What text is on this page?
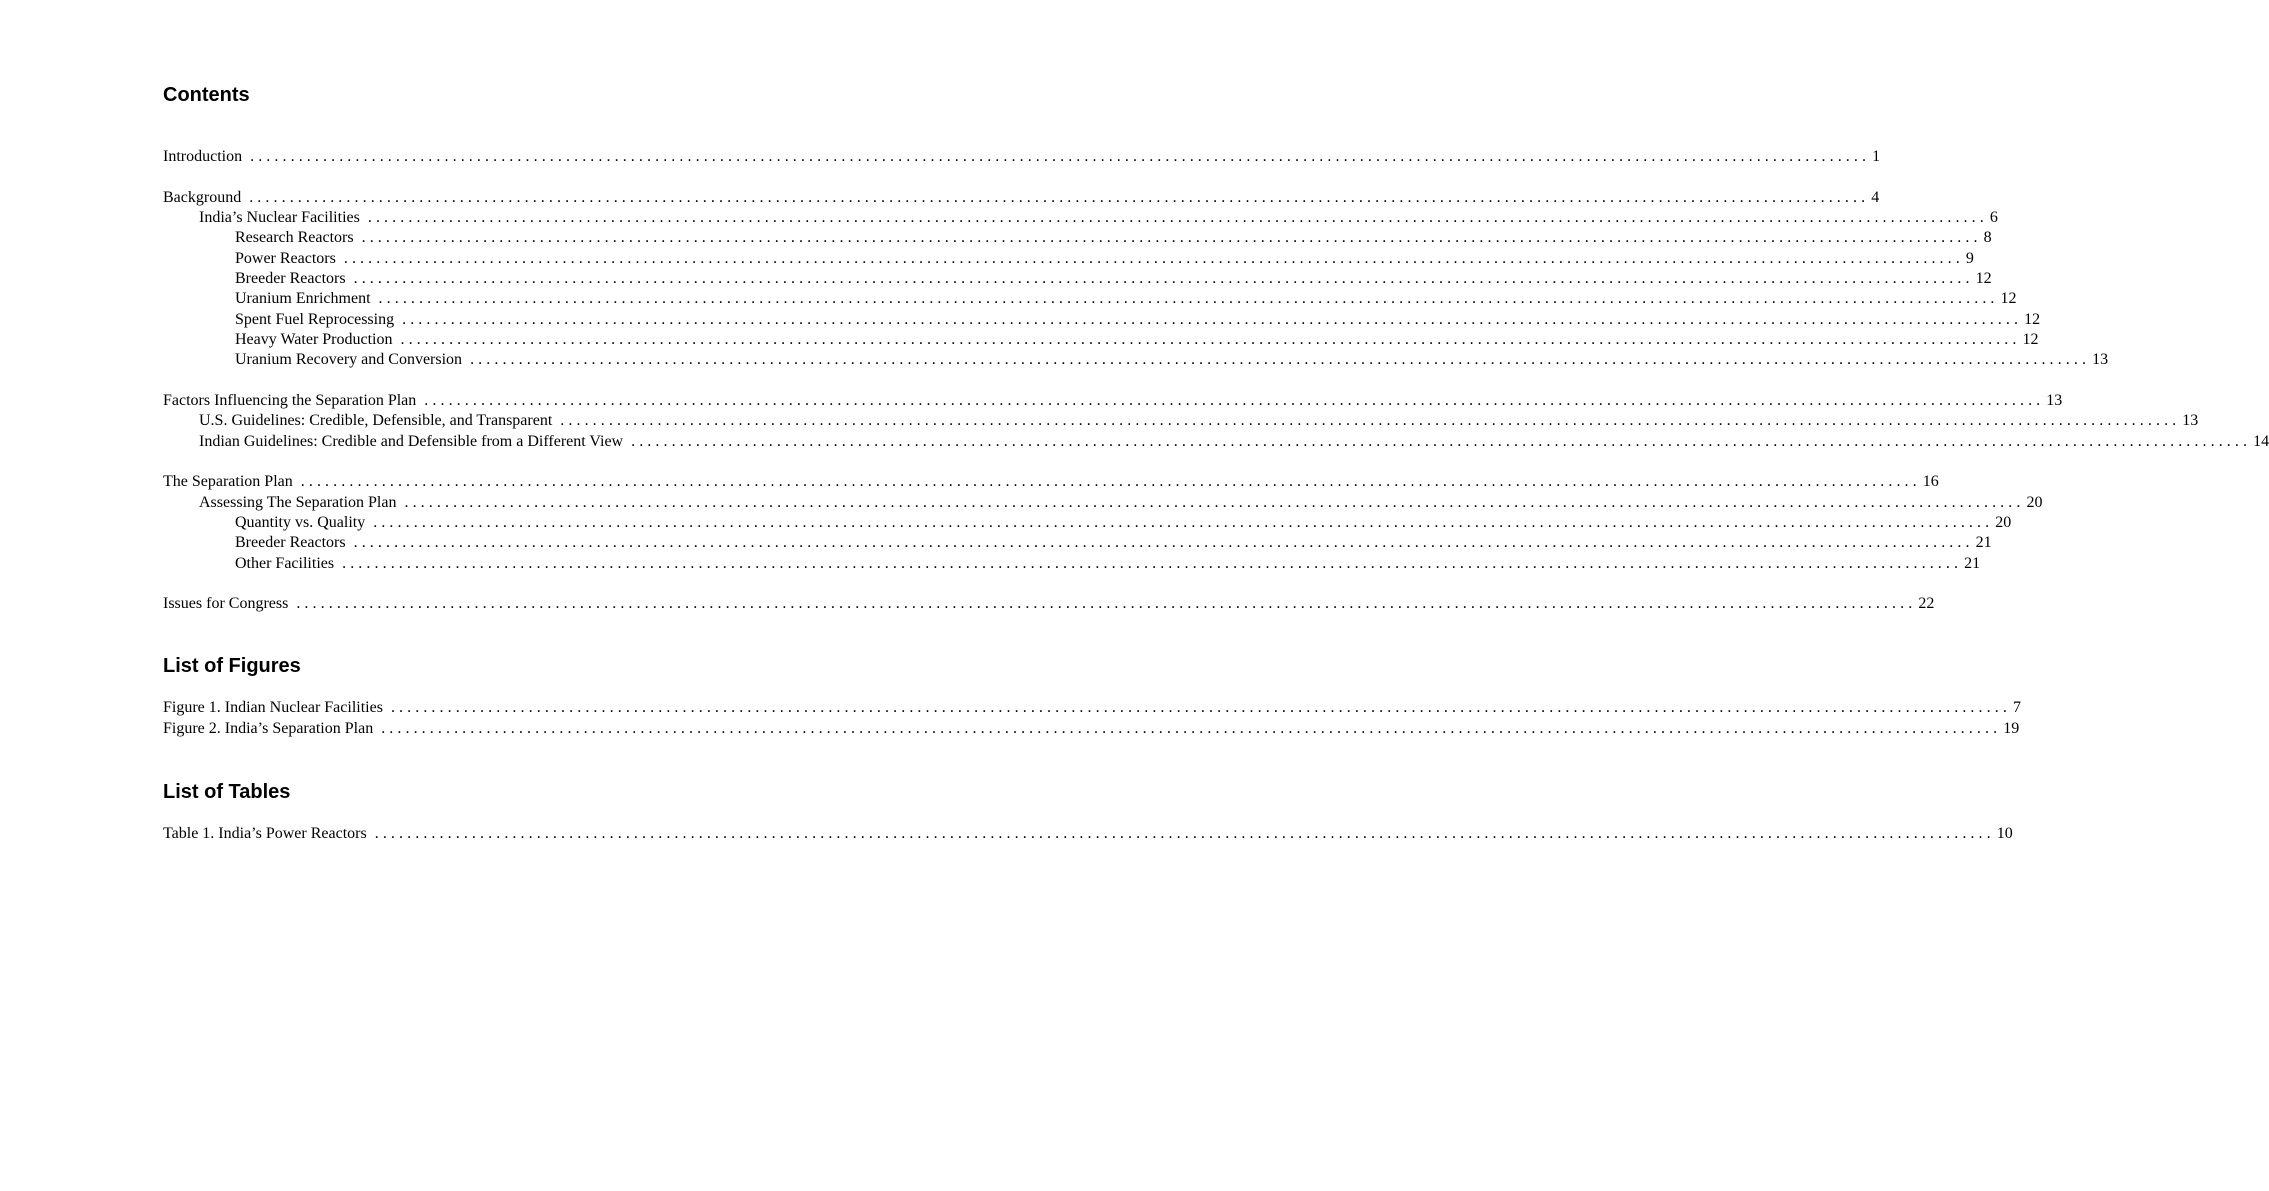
Contents
Introduction ........................................................................................................................................................................................................ 1
Background ........................................................................................................................................................................................................ 4
India’s Nuclear Facilities ........................................................................................................................................................................................................ 6
Research Reactors ........................................................................................................................................................................................................ 8
Power Reactors ........................................................................................................................................................................................................ 9
Breeder Reactors ........................................................................................................................................................................................................ 12
Uranium Enrichment ........................................................................................................................................................................................................ 12
Spent Fuel Reprocessing ........................................................................................................................................................................................................ 12
Heavy Water Production ........................................................................................................................................................................................................ 12
Uranium Recovery and Conversion ........................................................................................................................................................................................................ 13
Factors Influencing the Separation Plan ........................................................................................................................................................................................................ 13
U.S. Guidelines: Credible, Defensible, and Transparent ........................................................................................................................................................................................................ 13
Indian Guidelines: Credible and Defensible from a Different View ........................................................................................................................................................................................................ 14
The Separation Plan ........................................................................................................................................................................................................ 16
Assessing The Separation Plan ........................................................................................................................................................................................................ 20
Quantity vs. Quality ........................................................................................................................................................................................................ 20
Breeder Reactors ........................................................................................................................................................................................................ 21
Other Facilities ........................................................................................................................................................................................................ 21
Issues for Congress ........................................................................................................................................................................................................ 22
List of Figures
Figure 1. Indian Nuclear Facilities ........................................................................................................................................................................................................ 7
Figure 2. India’s Separation Plan ........................................................................................................................................................................................................ 19
List of Tables
Table 1. India’s Power Reactors ........................................................................................................................................................................................................ 10
